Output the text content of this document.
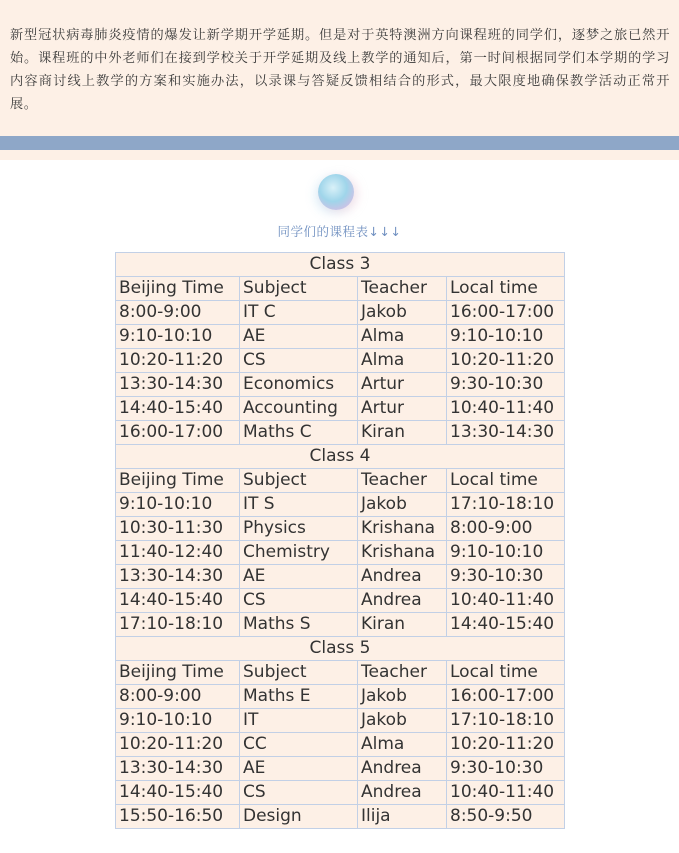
新型冠状病毒肺炎疫情的爆发让新学期开学延期。但是对于英特澳洲方向课程班的同学们，逐梦之旅已然开始。课程班的中外老师们在接到学校关于开学延期及线上教学的通知后，第一时间根据同学们本学期的学习内容商讨线上教学的方案和实施办法，以录课与答疑反馈相结合的形式，最大限度地确保教学活动正常开展。
同学们的课程表↓↓↓
Class 3			
Beijing Time	Subject	Teacher	Local time
8:00-9:00	IT C	Jakob	16:00-17:00
9:10-10:10	AE	Alma	9:10-10:10
10:20-11:20	CS	Alma	10:20-11:20
13:30-14:30	Economics	Artur	9:30-10:30
14:40-15:40	Accounting	Artur	10:40-11:40
16:00-17:00	Maths C	Kiran	13:30-14:30
Class 4			
Beijing Time	Subject	Teacher	Local time
9:10-10:10	IT S	Jakob	17:10-18:10
10:30-11:30	Physics	Krishana	8:00-9:00
11:40-12:40	Chemistry	Krishana	9:10-10:10
13:30-14:30	AE	Andrea	9:30-10:30
14:40-15:40	CS	Andrea	10:40-11:40
17:10-18:10	Maths S	Kiran	14:40-15:40
Class 5			
Beijing Time	Subject	Teacher	Local time
8:00-9:00	Maths E	Jakob	16:00-17:00
9:10-10:10	IT	Jakob	17:10-18:10
10:20-11:20	CC	Alma	10:20-11:20
13:30-14:30	AE	Andrea	9:30-10:30
14:40-15:40	CS	Andrea	10:40-11:40
15:50-16:50	Design	Ilija	8:50-9:50
